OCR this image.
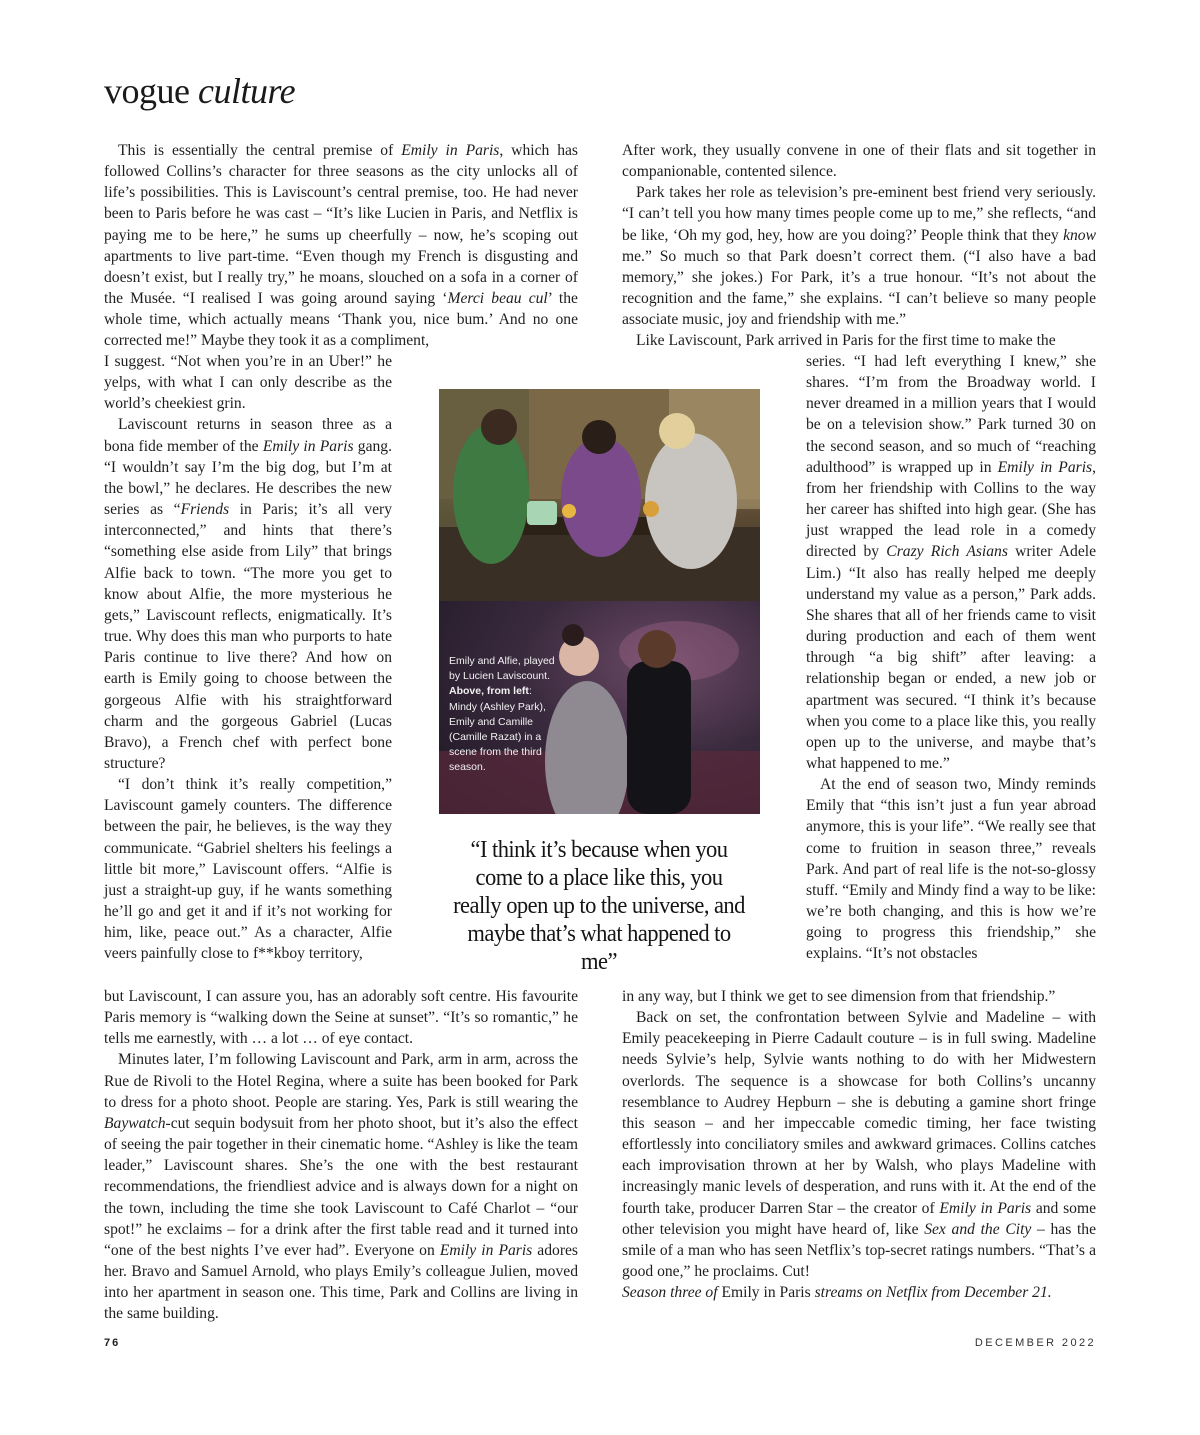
vogue culture

This is essentially the central premise of Emily in Paris, which has followed Collins’s character for three seasons as the city unlocks all of life’s possibilities. This is Laviscount’s central premise, too. He had never been to Paris before he was cast – “It’s like Lucien in Paris, and Netflix is paying me to be here,” he sums up cheerfully – now, he’s scoping out apartments to live part-time. “Even though my French is disgusting and doesn’t exist, but I really try,” he moans, slouched on a sofa in a corner of the Musée. “I realised I was going around saying ‘Merci beau cul’ the whole time, which actually means ‘Thank you, nice bum.’ And no one corrected me!” Maybe they took it as a compliment,

I suggest. “Not when you’re in an Uber!” he yelps, with what I can only describe as the world’s cheekiest grin.

Laviscount returns in season three as a bona fide member of the Emily in Paris gang. “I wouldn’t say I’m the big dog, but I’m at the bowl,” he declares. He describes the new series as “Friends in Paris; it’s all very interconnected,” and hints that there’s “something else aside from Lily” that brings Alfie back to town. “The more you get to know about Alfie, the more mysterious he gets,” Laviscount reflects, enigmatically. It’s true. Why does this man who purports to hate Paris continue to live there? And how on earth is Emily going to choose between the gorgeous Alfie with his straightforward charm and the gorgeous Gabriel (Lucas Bravo), a French chef with perfect bone structure?

“I don’t think it’s really competition,” Laviscount gamely counters. The difference between the pair, he believes, is the way they communicate. “Gabriel shelters his feelings a little bit more,” Laviscount offers. “Alfie is just a straight-up guy, if he wants something he’ll go and get it and if it’s not working for him, like, peace out.” As a character, Alfie veers painfully close to f**kboy territory,

but Laviscount, I can assure you, has an adorably soft centre. His favourite Paris memory is “walking down the Seine at sunset”. “It’s so romantic,” he tells me earnestly, with … a lot … of eye contact.

Minutes later, I’m following Laviscount and Park, arm in arm, across the Rue de Rivoli to the Hotel Regina, where a suite has been booked for Park to dress for a photo shoot. People are staring. Yes, Park is still wearing the Baywatch-cut sequin bodysuit from her photo shoot, but it’s also the effect of seeing the pair together in their cinematic home. “Ashley is like the team leader,” Laviscount shares. She’s the one with the best restaurant recommendations, the friendliest advice and is always down for a night on the town, including the time she took Laviscount to Café Charlot – “our spot!” he exclaims – for a drink after the first table read and it turned into “one of the best nights I’ve ever had”. Everyone on Emily in Paris adores her. Bravo and Samuel Arnold, who plays Emily’s colleague Julien, moved into her apartment in season one. This time, Park and Collins are living in the same building.

After work, they usually convene in one of their flats and sit together in companionable, contented silence.

Park takes her role as television’s pre-eminent best friend very seriously. “I can’t tell you how many times people come up to me,” she reflects, “and be like, ‘Oh my god, hey, how are you doing?’ People think that they know me.” So much so that Park doesn’t correct them. (“I also have a bad memory,” she jokes.) For Park, it’s a true honour. “It’s not about the recognition and the fame,” she explains. “I can’t believe so many people associate music, joy and friendship with me.”

Like Laviscount, Park arrived in Paris for the first time to make the

series. “I had left everything I knew,” she shares. “I’m from the Broadway world. I never dreamed in a million years that I would be on a television show.” Park turned 30 on the second season, and so much of “reaching adulthood” is wrapped up in Emily in Paris, from her friendship with Collins to the way her career has shifted into high gear. (She has just wrapped the lead role in a comedy directed by Crazy Rich Asians writer Adele Lim.) “It also has really helped me deeply understand my value as a person,” Park adds. She shares that all of her friends came to visit during production and each of them went through “a big shift” after leaving: a relationship began or ended, a new job or apartment was secured. “I think it’s because when you come to a place like this, you really open up to the universe, and maybe that’s what happened to me.”

At the end of season two, Mindy reminds Emily that “this isn’t just a fun year abroad anymore, this is your life”. “We really see that come to fruition in season three,” reveals Park. And part of real life is the not-so-glossy stuff. “Emily and Mindy find a way to be like: we’re both changing, and this is how we’re going to progress this friendship,” she explains. “It’s not obstacles

in any way, but I think we get to see dimension from that friendship.”

Back on set, the confrontation between Sylvie and Madeline – with Emily peacekeeping in Pierre Cadault couture – is in full swing. Madeline needs Sylvie’s help, Sylvie wants nothing to do with her Midwestern overlords. The sequence is a showcase for both Collins’s uncanny resemblance to Audrey Hepburn – she is debuting a gamine short fringe this season – and her impeccable comedic timing, her face twisting effortlessly into conciliatory smiles and awkward grimaces. Collins catches each improvisation thrown at her by Walsh, who plays Madeline with increasingly manic levels of desperation, and runs with it. At the end of the fourth take, producer Darren Star – the creator of Emily in Paris and some other television you might have heard of, like Sex and the City – has the smile of a man who has seen Netflix’s top-secret ratings numbers. “That’s a good one,” he proclaims. Cut!

Season three of Emily in Paris streams on Netflix from December 21.

Emily and Alfie, played by Lucien Laviscount. Above, from left: Mindy (Ashley Park), Emily and Camille (Camille Razat) in a scene from the third season.
“I think it’s because when you come to a place like this, you really open up to the universe, and maybe that’s what happened to me”
76	DECEMBER 2022
